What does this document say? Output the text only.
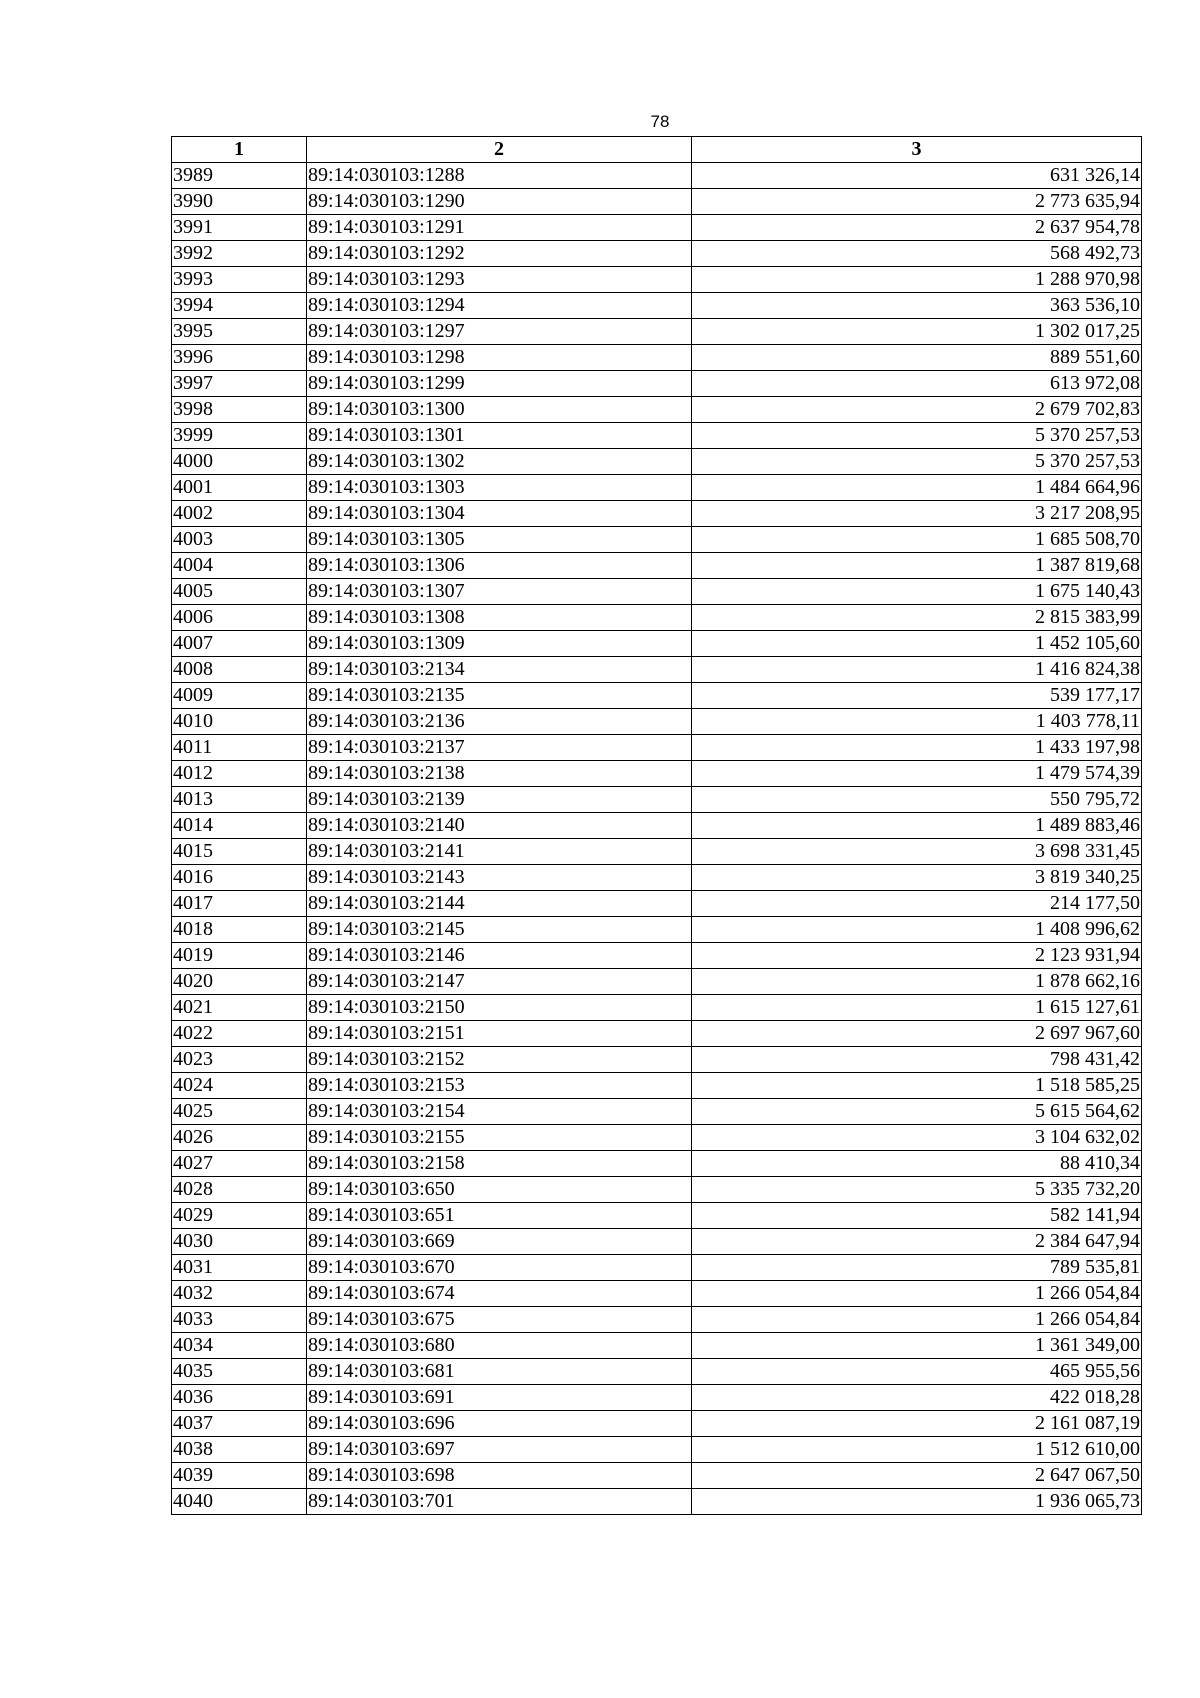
78
1	2	3
3989	89:14:030103:1288	631 326,14
3990	89:14:030103:1290	2 773 635,94
3991	89:14:030103:1291	2 637 954,78
3992	89:14:030103:1292	568 492,73
3993	89:14:030103:1293	1 288 970,98
3994	89:14:030103:1294	363 536,10
3995	89:14:030103:1297	1 302 017,25
3996	89:14:030103:1298	889 551,60
3997	89:14:030103:1299	613 972,08
3998	89:14:030103:1300	2 679 702,83
3999	89:14:030103:1301	5 370 257,53
4000	89:14:030103:1302	5 370 257,53
4001	89:14:030103:1303	1 484 664,96
4002	89:14:030103:1304	3 217 208,95
4003	89:14:030103:1305	1 685 508,70
4004	89:14:030103:1306	1 387 819,68
4005	89:14:030103:1307	1 675 140,43
4006	89:14:030103:1308	2 815 383,99
4007	89:14:030103:1309	1 452 105,60
4008	89:14:030103:2134	1 416 824,38
4009	89:14:030103:2135	539 177,17
4010	89:14:030103:2136	1 403 778,11
4011	89:14:030103:2137	1 433 197,98
4012	89:14:030103:2138	1 479 574,39
4013	89:14:030103:2139	550 795,72
4014	89:14:030103:2140	1 489 883,46
4015	89:14:030103:2141	3 698 331,45
4016	89:14:030103:2143	3 819 340,25
4017	89:14:030103:2144	214 177,50
4018	89:14:030103:2145	1 408 996,62
4019	89:14:030103:2146	2 123 931,94
4020	89:14:030103:2147	1 878 662,16
4021	89:14:030103:2150	1 615 127,61
4022	89:14:030103:2151	2 697 967,60
4023	89:14:030103:2152	798 431,42
4024	89:14:030103:2153	1 518 585,25
4025	89:14:030103:2154	5 615 564,62
4026	89:14:030103:2155	3 104 632,02
4027	89:14:030103:2158	88 410,34
4028	89:14:030103:650	5 335 732,20
4029	89:14:030103:651	582 141,94
4030	89:14:030103:669	2 384 647,94
4031	89:14:030103:670	789 535,81
4032	89:14:030103:674	1 266 054,84
4033	89:14:030103:675	1 266 054,84
4034	89:14:030103:680	1 361 349,00
4035	89:14:030103:681	465 955,56
4036	89:14:030103:691	422 018,28
4037	89:14:030103:696	2 161 087,19
4038	89:14:030103:697	1 512 610,00
4039	89:14:030103:698	2 647 067,50
4040	89:14:030103:701	1 936 065,73
